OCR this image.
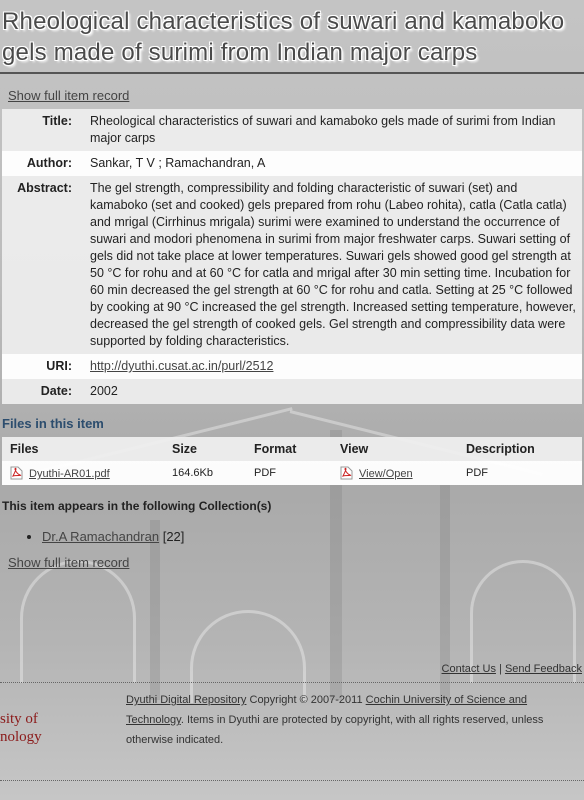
Rheological characteristics of suwari and kamaboko gels made of surimi from Indian major carps
Show full item record
Title:	Rheological characteristics of suwari and kamaboko gels made of surimi from Indian major carps
Author:	Sankar, T V ; Ramachandran, A
Abstract:	The gel strength, compressibility and folding characteristic of suwari (set) and kamaboko (set and cooked) gels prepared from rohu (Labeo rohita), catla (Catla catla) and mrigal (Cirrhinus mrigala) surimi were examined to understand the occurrence of suwari and modori phenomena in surimi from major freshwater carps. Suwari setting of gels did not take place at lower temperatures. Suwari gels showed good gel strength at 50 °C for rohu and at 60 °C for catla and mrigal after 30 min setting time. Incubation for 60 min decreased the gel strength at 60 °C for rohu and catla. Setting at 25 °C followed by cooking at 90 °C increased the gel strength. Increased setting temperature, however, decreased the gel strength of cooked gels. Gel strength and compressibility data were supported by folding characteristics.
URI:	http://dyuthi.cusat.ac.in/purl/2512
Date:	2002
Files in this item
Files	Size	Format	View	Description
Dyuthi-AR01.pdf	164.6Kb	PDF	View/Open	PDF
This item appears in the following Collection(s)
• Dr.A Ramachandran [22]
Show full item record
Contact Us | Send Feedback
sity of
nology
Dyuthi Digital Repository Copyright © 2007-2011 Cochin University of Science and Technology. Items in Dyuthi are protected by copyright, with all rights reserved, unless otherwise indicated.
